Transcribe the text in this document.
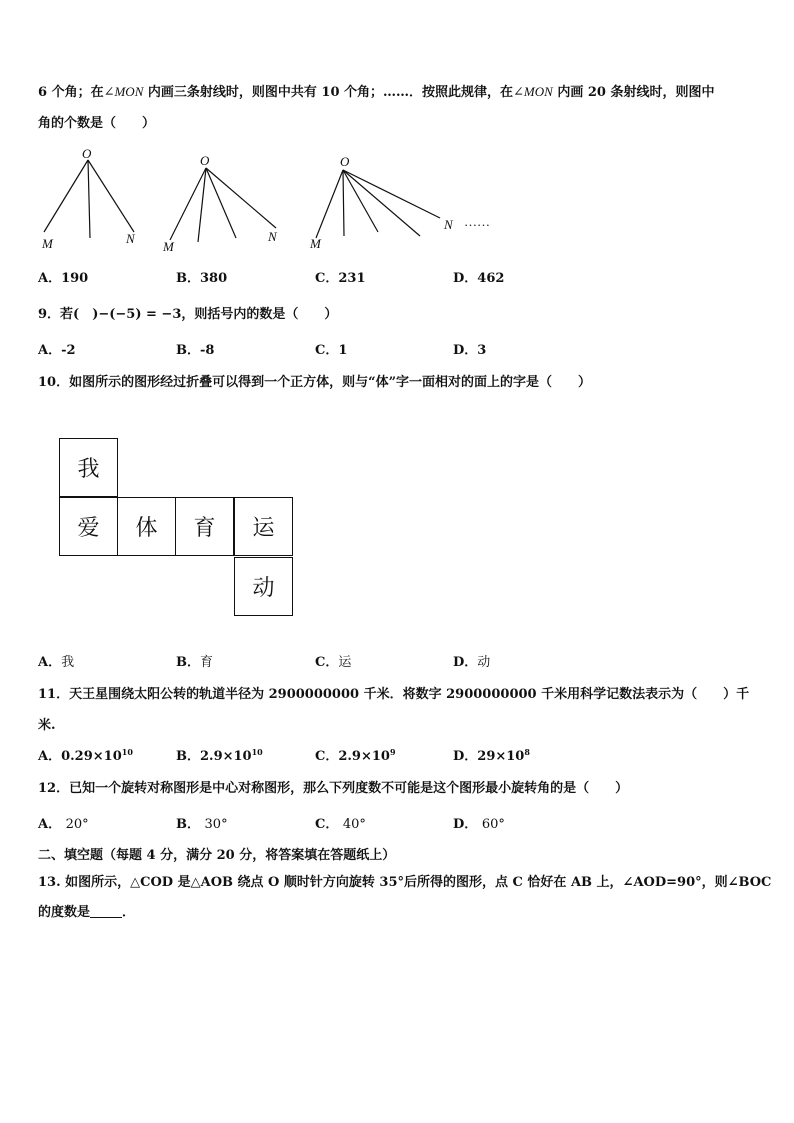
6 个角；在∠MON 内画三条射线时，则图中共有 10 个角；……．按照此规律，在∠MON 内画 20 条射线时，则图中
角的个数是（　　）
O
M	N
O
M
N
O
M
N ……
A．190	B．380	C．231	D．462
9．若(　)−(−5) = −3，则括号内的数是（　　）
A．-2	B．-8	C．1	D．3
10．如图所示的图形经过折叠可以得到一个正方体，则与“体”字一面相对的面上的字是（　　）
我
爱	体	育	运
动
A．我	B．育	C．运	D．动
11．天王星围绕太阳公转的轨道半径为 2900000000 千米．将数字 2900000000 千米用科学记数法表示为（　　）千
米.
A．$0.29\times 10^{10}$	B．$2.9\times 10^{10}$	C．$2.9\times 10^9$	D．$29\times 10^8$
12．已知一个旋转对称图形是中心对称图形，那么下列度数不可能是这个图形最小旋转角的是（　　）
A． 20°	B． 30°	C． 40°	D． 60°
二、填空题（每题 4 分，满分 20 分，将答案填在答题纸上）
13. 如图所示，△COD 是△AOB 绕点 O 顺时针方向旋转 35°后所得的图形，点 C 恰好在 AB 上，∠AOD=90°，则∠BOC
的度数是 ．
